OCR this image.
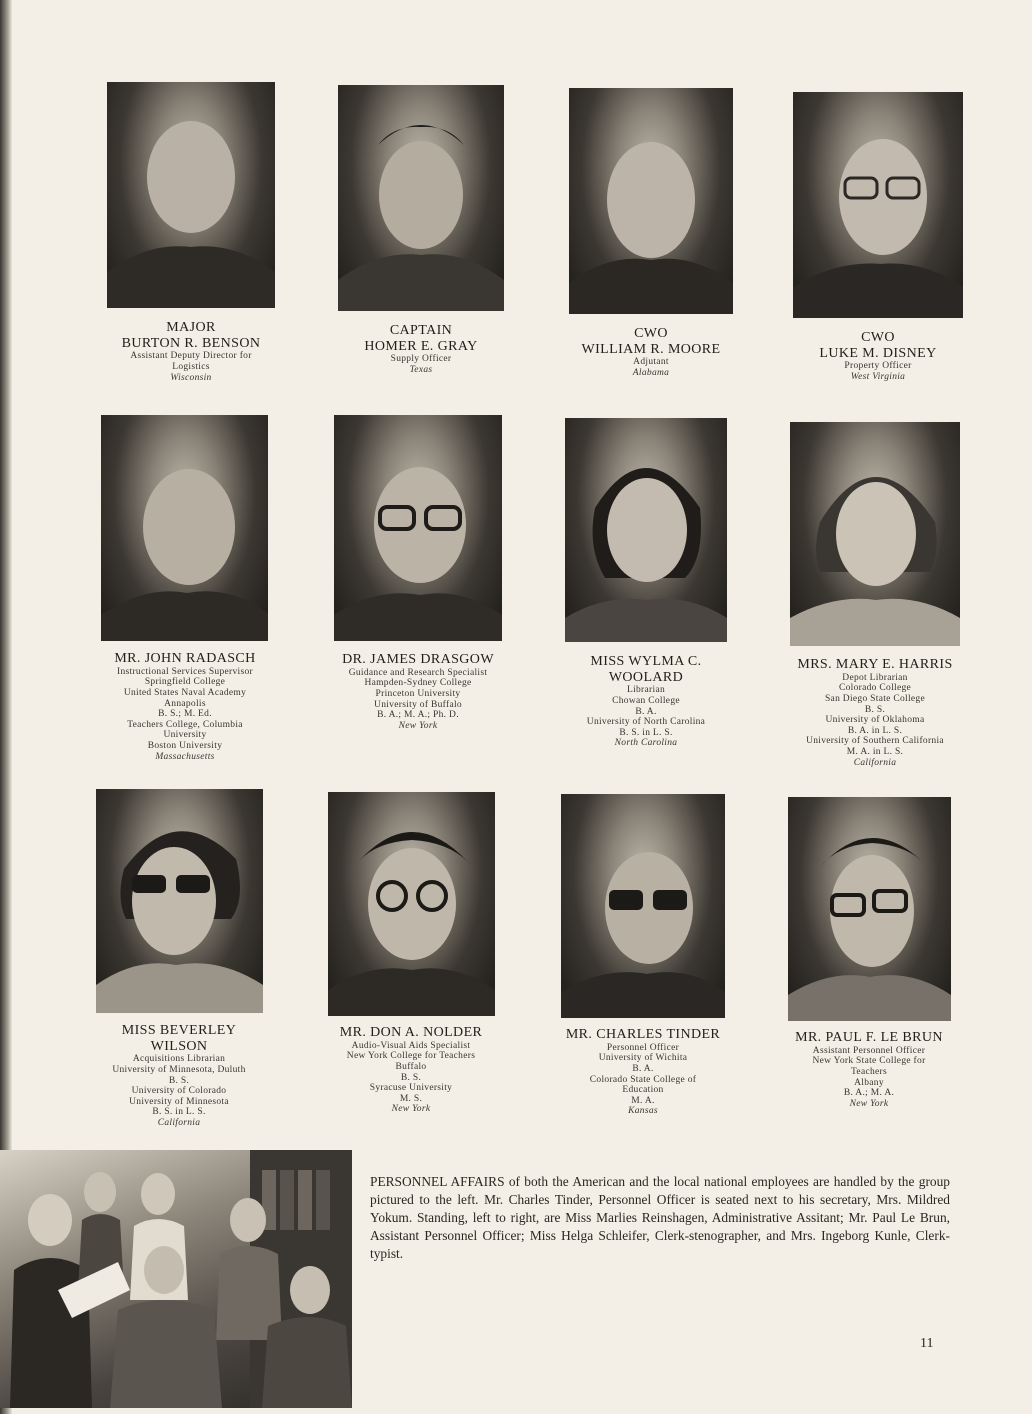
MAJOR
BURTON R. BENSON
Assistant Deputy Director for
Logistics
Wisconsin
CAPTAIN
HOMER E. GRAY
Supply Officer
Texas
CWO
WILLIAM R. MOORE
Adjutant
Alabama
CWO
LUKE M. DISNEY
Property Officer
West Virginia
MR. JOHN RADASCH
Instructional Services Supervisor
Springfield College
United States Naval Academy
Annapolis
B. S.; M. Ed.
Teachers College, Columbia
University
Boston University
Massachusetts
DR. JAMES DRASGOW
Guidance and Research Specialist
Hampden-Sydney College
Princeton University
University of Buffalo
B. A.; M. A.; Ph. D.
New York
MISS WYLMA C.
WOOLARD
Librarian
Chowan College
B. A.
University of North Carolina
B. S. in L. S.
North Carolina
MRS. MARY E. HARRIS
Depot Librarian
Colorado College
San Diego State College
B. S.
University of Oklahoma
B. A. in L. S.
University of Southern California
M. A. in L. S.
California
MISS BEVERLEY
WILSON
Acquisitions Librarian
University of Minnesota, Duluth
B. S.
University of Colorado
University of Minnesota
B. S. in L. S.
California
MR. DON A. NOLDER
Audio-Visual Aids Specialist
New York College for Teachers
Buffalo
B. S.
Syracuse University
M. S.
New York
MR. CHARLES TINDER
Personnel Officer
University of Wichita
B. A.
Colorado State College of
Education
M. A.
Kansas
MR. PAUL F. LE BRUN
Assistant Personnel Officer
New York State College for
Teachers
Albany
B. A.; M. A.
New York

PERSONNEL AFFAIRS of both the American and the local national employees are handled by the group pictured to the left. Mr. Charles Tinder, Personnel Officer is seated next to his secretary, Mrs. Mildred Yokum. Standing, left to right, are Miss Marlies Reinshagen, Administrative Assitant; Mr. Paul Le Brun, Assistant Personnel Officer; Miss Helga Schleifer, Clerk-stenographer, and Mrs. Ingeborg Kunle, Clerk-typist.

11
